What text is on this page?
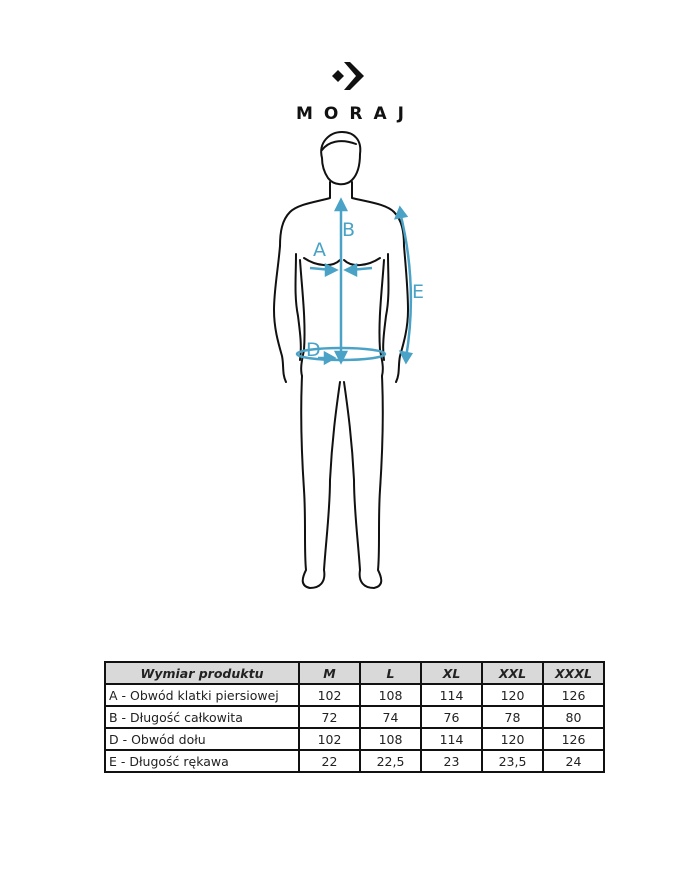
MORAJ
A
B
D
E
Wymiar produktu	M	L	XL	XXL	XXXL
A - Obwód klatki piersiowej	102	108	114	120	126
B - Długość całkowita	72	74	76	78	80
D - Obwód dołu	102	108	114	120	126
E - Długość rękawa	22	22,5	23	23,5	24
